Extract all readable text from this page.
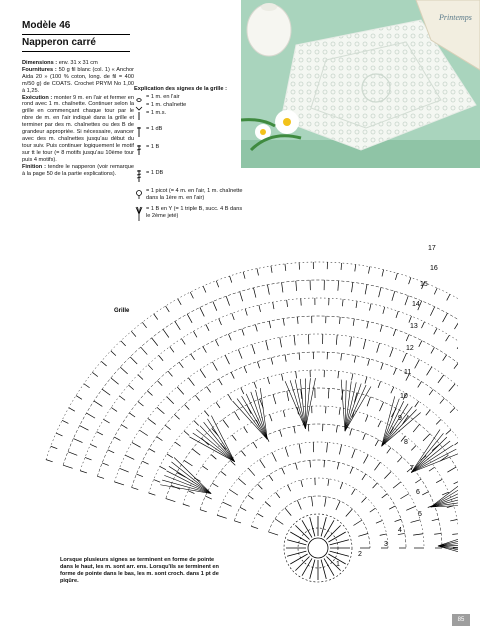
Modèle 46
Napperon carré

Dimensions : env. 31 x 31 cm

Fournitures : 50 g fil blanc (col. 1) « Anchor Aida 20 » (100 % coton, long. de fil = 400 m/50 g) de COATS. Crochet PRYM No 1,00 à 1,25.

Exécution : monter 9 m. en l'air et fermer en rond avec 1 m. chaînette. Continuer selon la grille en commençant chaque tour par le nbre de m. en l'air indiqué dans la grille et terminer par des m. chaînettes ou des B de grandeur appropriée. Si nécessaire, avancer avec des m. chaînettes jusqu'au début du tour suiv. Puis continuer logiquement le motif sur tt le tour (= 8 motifs jusqu'au 10ème tour puis 4 motifs).

Finition : tendre le napperon (voir remarque à la page 50 de la partie explications).

Printemps
Explication des signes de la grille :
= 1 m. en l'air
= 1 m. chaînette
= 1 m.s.
= 1 dB
= 1 B
= 1 DB
= 1 picot (= 4 m. en l'air, 1 m. chaînette dans la 1ère m. en l'air)
= 1 B en Y (= 1 triple B, succ. 4 B dans le 2ème jeté)
17
16
15
14
13
12
11
10
9
8
7
6
5
4
3
2
1
Grille
Lorsque plusieurs signes se terminent en forme de pointe dans le haut, les m. sont arr. ens. Lorsqu'ils se terminent en forme de pointe dans le bas, les m. sont croch. dans 1 pt de piqûre.
85
